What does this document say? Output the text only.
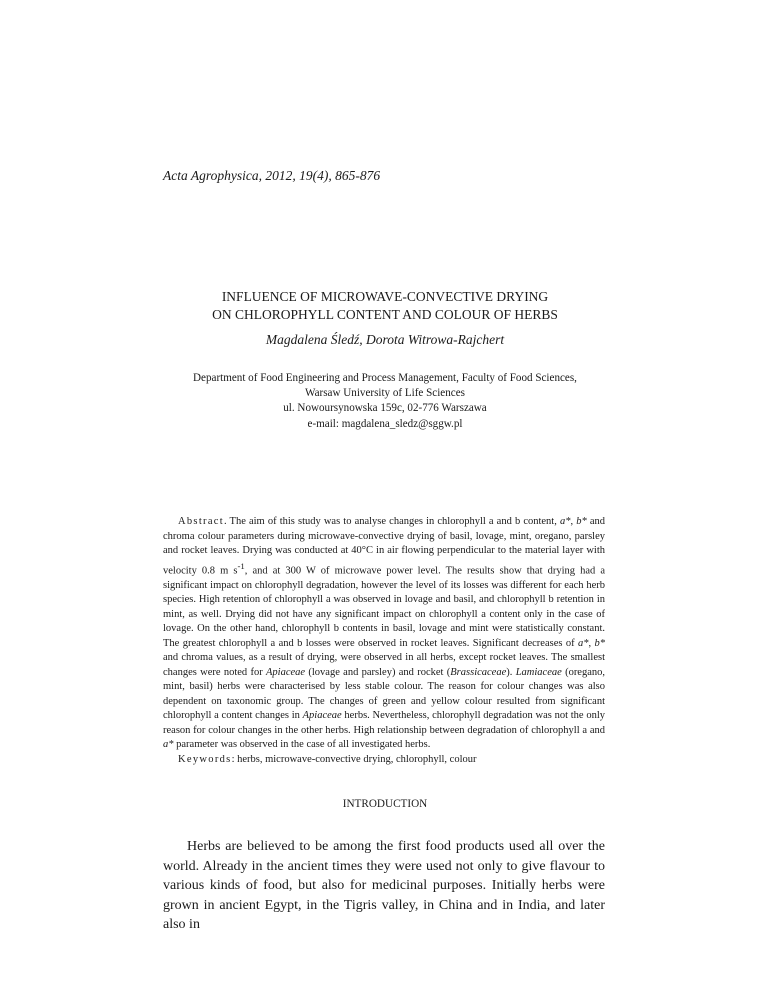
Acta Agrophysica, 2012, 19(4), 865-876
INFLUENCE OF MICROWAVE-CONVECTIVE DRYING
ON CHLOROPHYLL CONTENT AND COLOUR OF HERBS
Magdalena Śledź, Dorota Witrowa-Rajchert
Department of Food Engineering and Process Management, Faculty of Food Sciences,
Warsaw University of Life Sciences
ul. Nowoursynowska 159c, 02-776 Warszawa
e-mail: magdalena_sledz@sggw.pl

Abstract. The aim of this study was to analyse changes in chlorophyll a and b content, a*, b* and chroma colour parameters during microwave-convective drying of basil, lovage, mint, oregano, parsley and rocket leaves. Drying was conducted at 40°C in air flowing perpendicular to the material layer with velocity 0.8 m $s^{-1}$, and at 300 W of microwave power level. The results show that drying had a significant impact on chlorophyll degradation, however the level of its losses was different for each herb species. High retention of chlorophyll a was observed in lovage and basil, and chlorophyll b retention in mint, as well. Drying did not have any significant impact on chlorophyll a content only in the case of lovage. On the other hand, chlorophyll b contents in basil, lovage and mint were statistically constant. The greatest chlorophyll a and b losses were observed in rocket leaves. Significant decreases of a*, b* and chroma values, as a result of drying, were observed in all herbs, except rocket leaves. The smallest changes were noted for Apiaceae (lovage and parsley) and rocket (Brassicaceae). Lamiaceae (oregano, mint, basil) herbs were characterised by less stable colour. The reason for colour changes was also dependent on taxonomic group. The changes of green and yellow colour resulted from significant chlorophyll a content changes in Apiaceae herbs. Nevertheless, chlorophyll degradation was not the only reason for colour changes in the other herbs. High relationship between degradation of chlorophyll a and a* parameter was observed in the case of all investigated herbs.

Keywords: herbs, microwave-convective drying, chlorophyll, colour

INTRODUCTION

Herbs are believed to be among the first food products used all over the world. Already in the ancient times they were used not only to give flavour to various kinds of food, but also for medicinal purposes. Initially herbs were grown in ancient Egypt, in the Tigris valley, in China and in India, and later also in
